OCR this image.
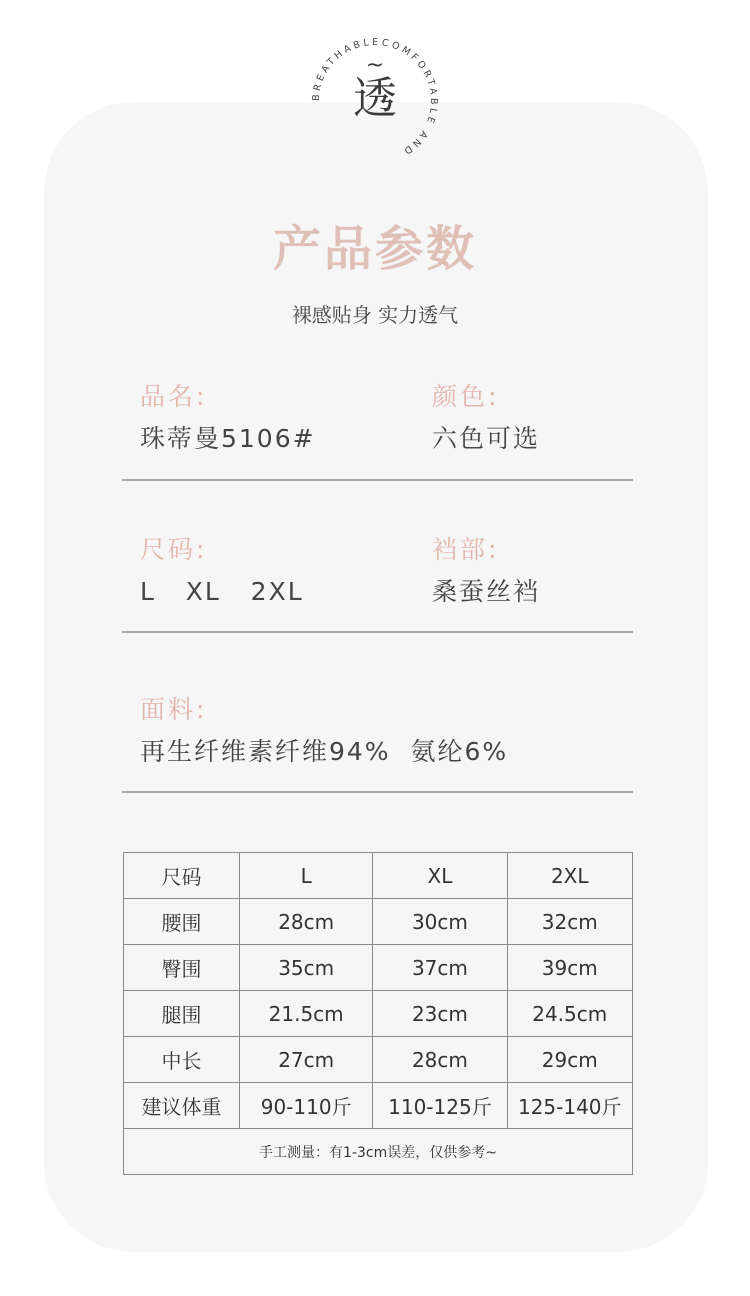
BREATHABLECOMFORTABLE AND
~
透
产品参数
裸感贴身 实力透气
品名:
珠蒂曼5106#
颜色:
六色可选
尺码:
L   XL   2XL
裆部:
桑蚕丝裆
面料:
再生纤维素纤维94%  氨纶6%
尺码	L	XL	2XL
腰围	28cm	30cm	32cm
臀围	35cm	37cm	39cm
腿围	21.5cm	23cm	24.5cm
中长	27cm	28cm	29cm
建议体重	90-110斤	110-125斤	125-140斤
手工测量：有1-3cm误差，仅供参考~			
